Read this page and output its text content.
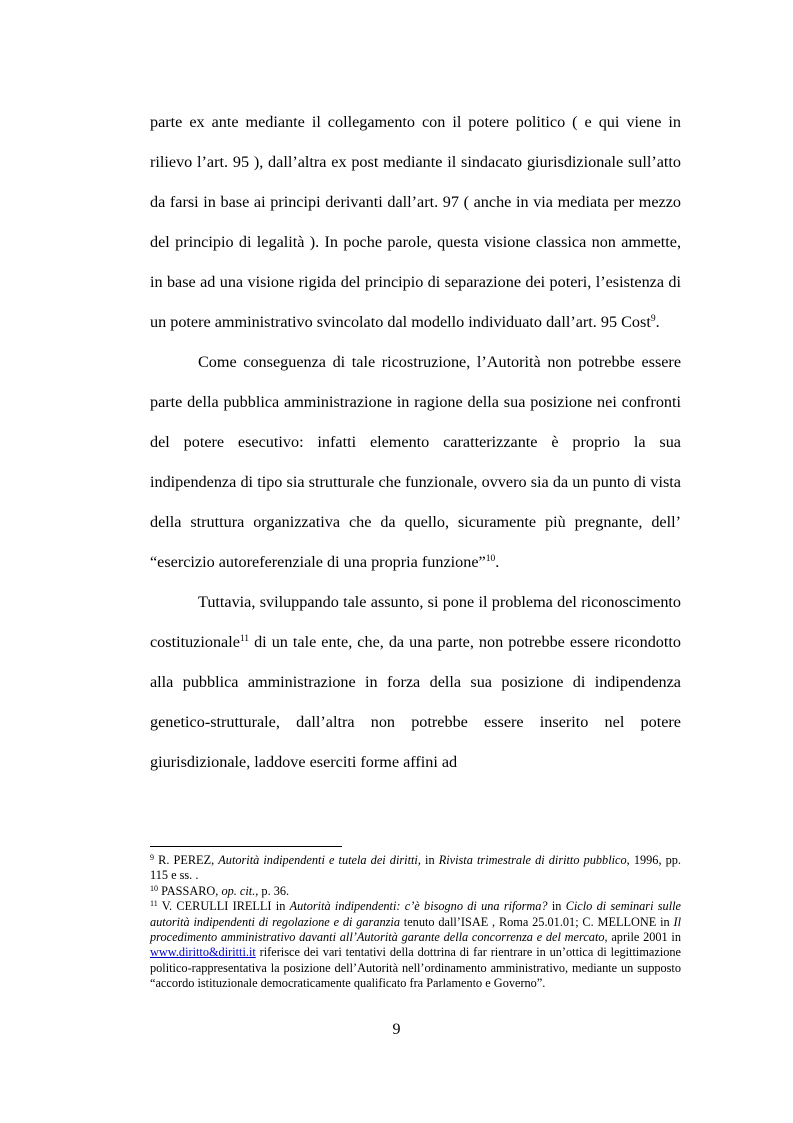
parte ex ante mediante il collegamento con il potere politico ( e qui viene in rilievo l’art. 95 ), dall’altra ex post mediante il sindacato giurisdizionale sull’atto da farsi in base ai principi derivanti dall’art. 97 ( anche in via mediata per mezzo del principio di legalità ). In poche parole, questa visione classica non ammette, in base ad una visione rigida del principio di separazione dei poteri, l’esistenza di un potere amministrativo svincolato dal modello individuato dall’art. 95 Cost$^9$.

Come conseguenza di tale ricostruzione, l’Autorità non potrebbe essere parte della pubblica amministrazione in ragione della sua posizione nei confronti del potere esecutivo: infatti elemento caratterizzante è proprio la sua indipendenza di tipo sia strutturale che funzionale, ovvero sia da un punto di vista della struttura organizzativa che da quello, sicuramente più pregnante, dell’ “esercizio autoreferenziale di una propria funzione”$^{10}$.

Tuttavia, sviluppando tale assunto, si pone il problema del riconoscimento costituzionale$^{11}$ di un tale ente, che, da una parte, non potrebbe essere ricondotto alla pubblica amministrazione in forza della sua posizione di indipendenza genetico-strutturale, dall’altra non potrebbe essere inserito nel potere giurisdizionale, laddove eserciti forme affini ad

$^9$ R. PEREZ, Autorità indipendenti e tutela dei diritti, in Rivista trimestrale di diritto pubblico, 1996, pp. 115 e ss. .

$^{10}$ PASSARO, op. cit., p. 36.

$^{11}$ V. CERULLI IRELLI in Autorità indipendenti: c’è bisogno di una riforma? in Ciclo di seminari sulle autorità indipendenti di regolazione e di garanzia tenuto dall’ISAE , Roma 25.01.01; C. MELLONE in Il procedimento amministrativo davanti all’Autorità garante della concorrenza e del mercato, aprile 2001 in www.diritto&diritti.it riferisce dei vari tentativi della dottrina di far rientrare in un’ottica di legittimazione politico-rappresentativa la posizione dell’Autorità nell’ordinamento amministrativo, mediante un supposto “accordo istituzionale democraticamente qualificato fra Parlamento e Governo”.

9
